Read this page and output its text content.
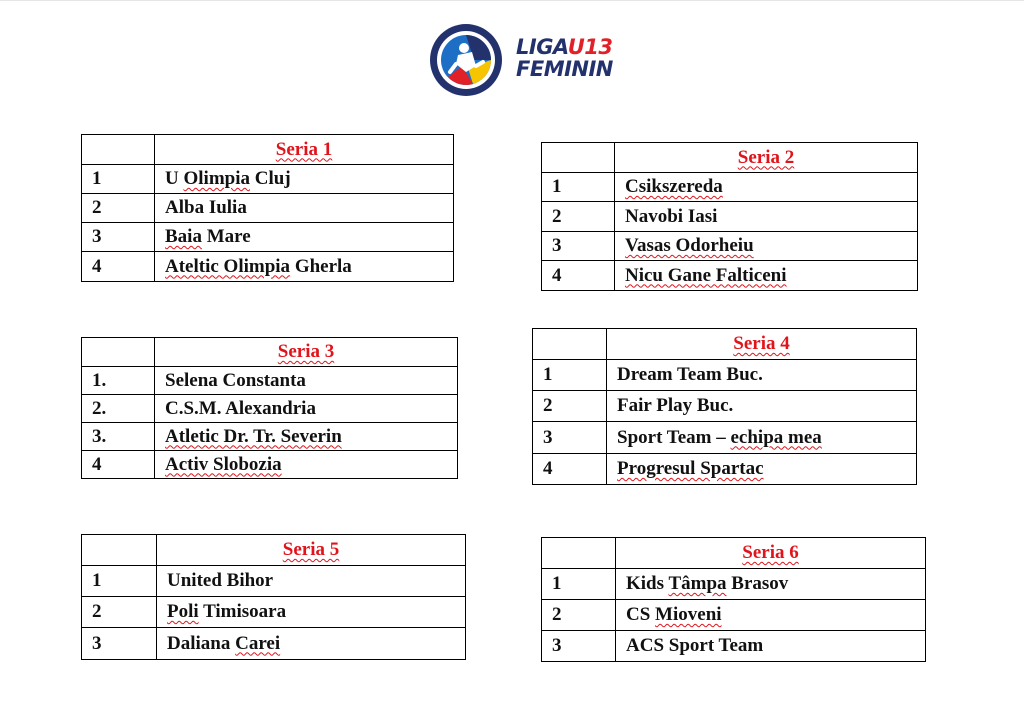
LIGAU13
FEMININ
	Seria 1
1	U Olimpia Cluj
2	Alba Iulia
3	Baia Mare
4	Ateltic Olimpia Gherla
	Seria 2
1	Csikszereda
2	Navobi Iasi
3	Vasas Odorheiu
4	Nicu Gane Falticeni
	Seria 3
1.	Selena Constanta
2.	C.S.M. Alexandria
3.	Atletic Dr. Tr. Severin
4	Activ Slobozia
	Seria 4
1	Dream Team Buc.
2	Fair Play Buc.
3	Sport Team – echipa mea
4	Progresul Spartac
	Seria 5
1	United Bihor
2	Poli Timisoara
3	Daliana Carei
	Seria 6
1	Kids Tâmpa Brasov
2	CS Mioveni
3	ACS Sport Team
